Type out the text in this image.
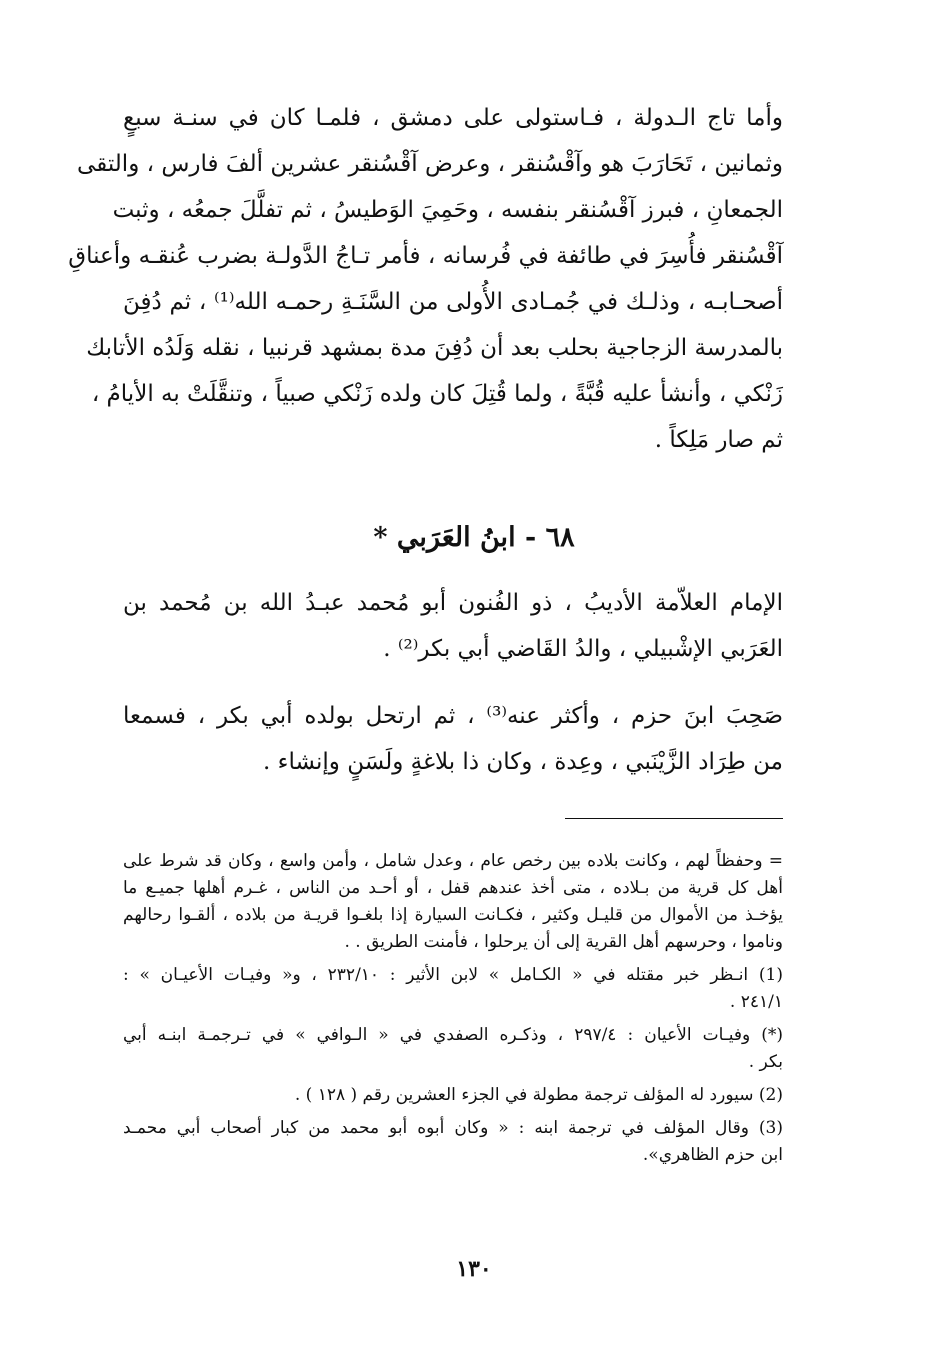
وأما تاج الـدولة ، فـاستولى على دمشق ، فلمـا كان في سنـة سبعٍ
وثمانين ، تَحَارَبَ هو وآقْسُنقر ، وعرض آقْسُنقر عشرين ألفَ فارس ، والتقى
الجمعانِ ، فبرز آقْسُنقر بنفسه ، وحَمِيَ الوَطيسُ ، ثم تفلَّلَ جمعُه ، وثبت
آقْسُنقر فأُسِرَ في طائفة في فُرسانه ، فأمر تـاجُ الدَّولـة بضرب عُنقـه وأعناقِ
أصحـابـه ، وذلـك في جُمـادى الأُولى من السَّنَـةِ رحمـه الله⁽¹⁾ ، ثم دُفِنَ
بالمدرسة الزجاجية بحلب بعد أن دُفِنَ مدة بمشهد قرنبيا ، نقله وَلَدُه الأتابك
زَنْكي ، وأنشأ عليه قُبَّةً ، ولما قُتِلَ كان ولده زَنْكي صبياً ، وتنقَّلَتْ به الأيامُ ،
ثم صار مَلِكاً .
٦٨ - ابنُ العَرَبي *
الإمام العلاّمة الأديبُ ، ذو الفُنون أبو مُحمد عبـدُ الله بن مُحمد بن
العَرَبي الإشْبيلي ، والدُ القَاضي أبي بكر⁽²⁾ .
صَحِبَ ابنَ حزم ، وأكثر عنه⁽³⁾ ، ثم ارتحل بولده أبي بكر ، فسمعا
من طِرَاد الزَّيْنَبي ، وعِدة ، وكان ذا بلاغةٍ ولَسَنٍ وإنشاء .
= وحفظاً لهم ، وكانت بلاده بين رخص عام ، وعدل شامل ، وأمن واسع ، وكان قد شرط على
أهل كل قرية من بـلاده ، متى أخذ عندهم قفل ، أو أحـد من الناس ، غـرم أهلها جميـع ما
يؤخـذ من الأموال من قليـل وكثير ، فكـانت السيارة إذا بلغـوا قريـة من بلاده ، ألقـوا رحالهم
وناموا ، وحرسهم أهل القرية إلى أن يرحلوا ، فأمنت الطريق . .
(1) انـظر خبر مقتله في « الكـامل » لابن الأثير : ٢٣٢/١٠ ، و« وفيـات الأعيـان » :
٢٤١/١ .
(*) وفيـات الأعيان : ٢٩٧/٤ ، وذكـره الصفدي في « الـوافي » في تـرجمـة ابنـه أبي
بكر .
(2) سيورد له المؤلف ترجمة مطولة في الجزء العشرين رقم ( ١٢٨ ) .
(3) وقال المؤلف في ترجمة ابنه : « وكان أبوه أبو محمد من كبار أصحاب أبي محمـد
ابن حزم الظاهري».
١٣٠
